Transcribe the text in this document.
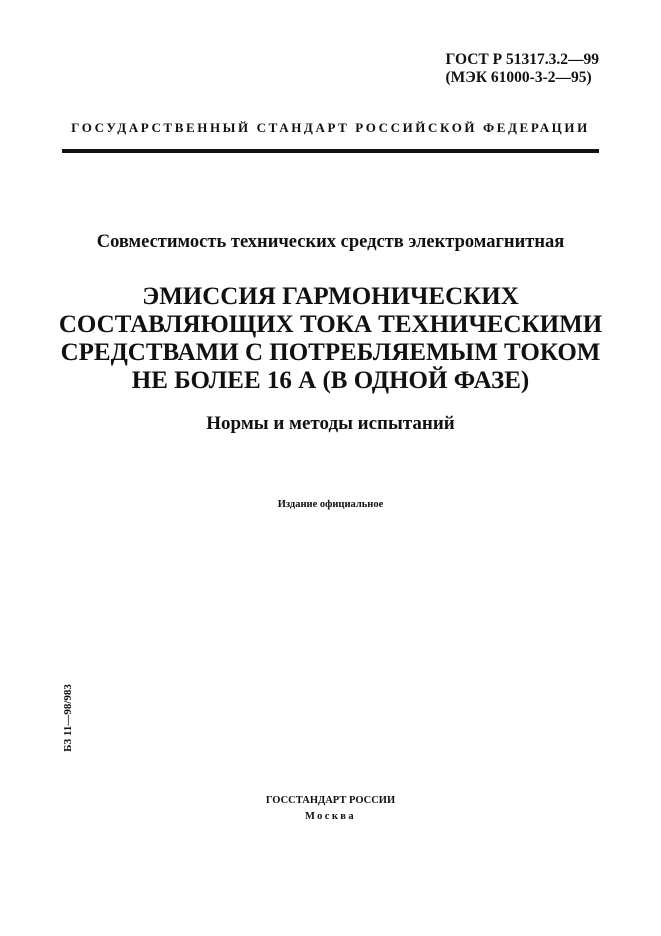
ГОСТ Р 51317.3.2—99
(МЭК 61000-3-2—95)
ГОСУДАРСТВЕННЫЙ СТАНДАРТ РОССИЙСКОЙ ФЕДЕРАЦИИ
Совместимость технических средств электромагнитная
ЭМИССИЯ ГАРМОНИЧЕСКИХ
СОСТАВЛЯЮЩИХ ТОКА ТЕХНИЧЕСКИМИ
СРЕДСТВАМИ С ПОТРЕБЛЯЕМЫМ ТОКОМ
НЕ БОЛЕЕ 16 А (В ОДНОЙ ФАЗЕ)
Нормы и методы испытаний
Издание официальное
БЗ 11—98/983
ГОССТАНДАРТ РОССИИ
Москва
